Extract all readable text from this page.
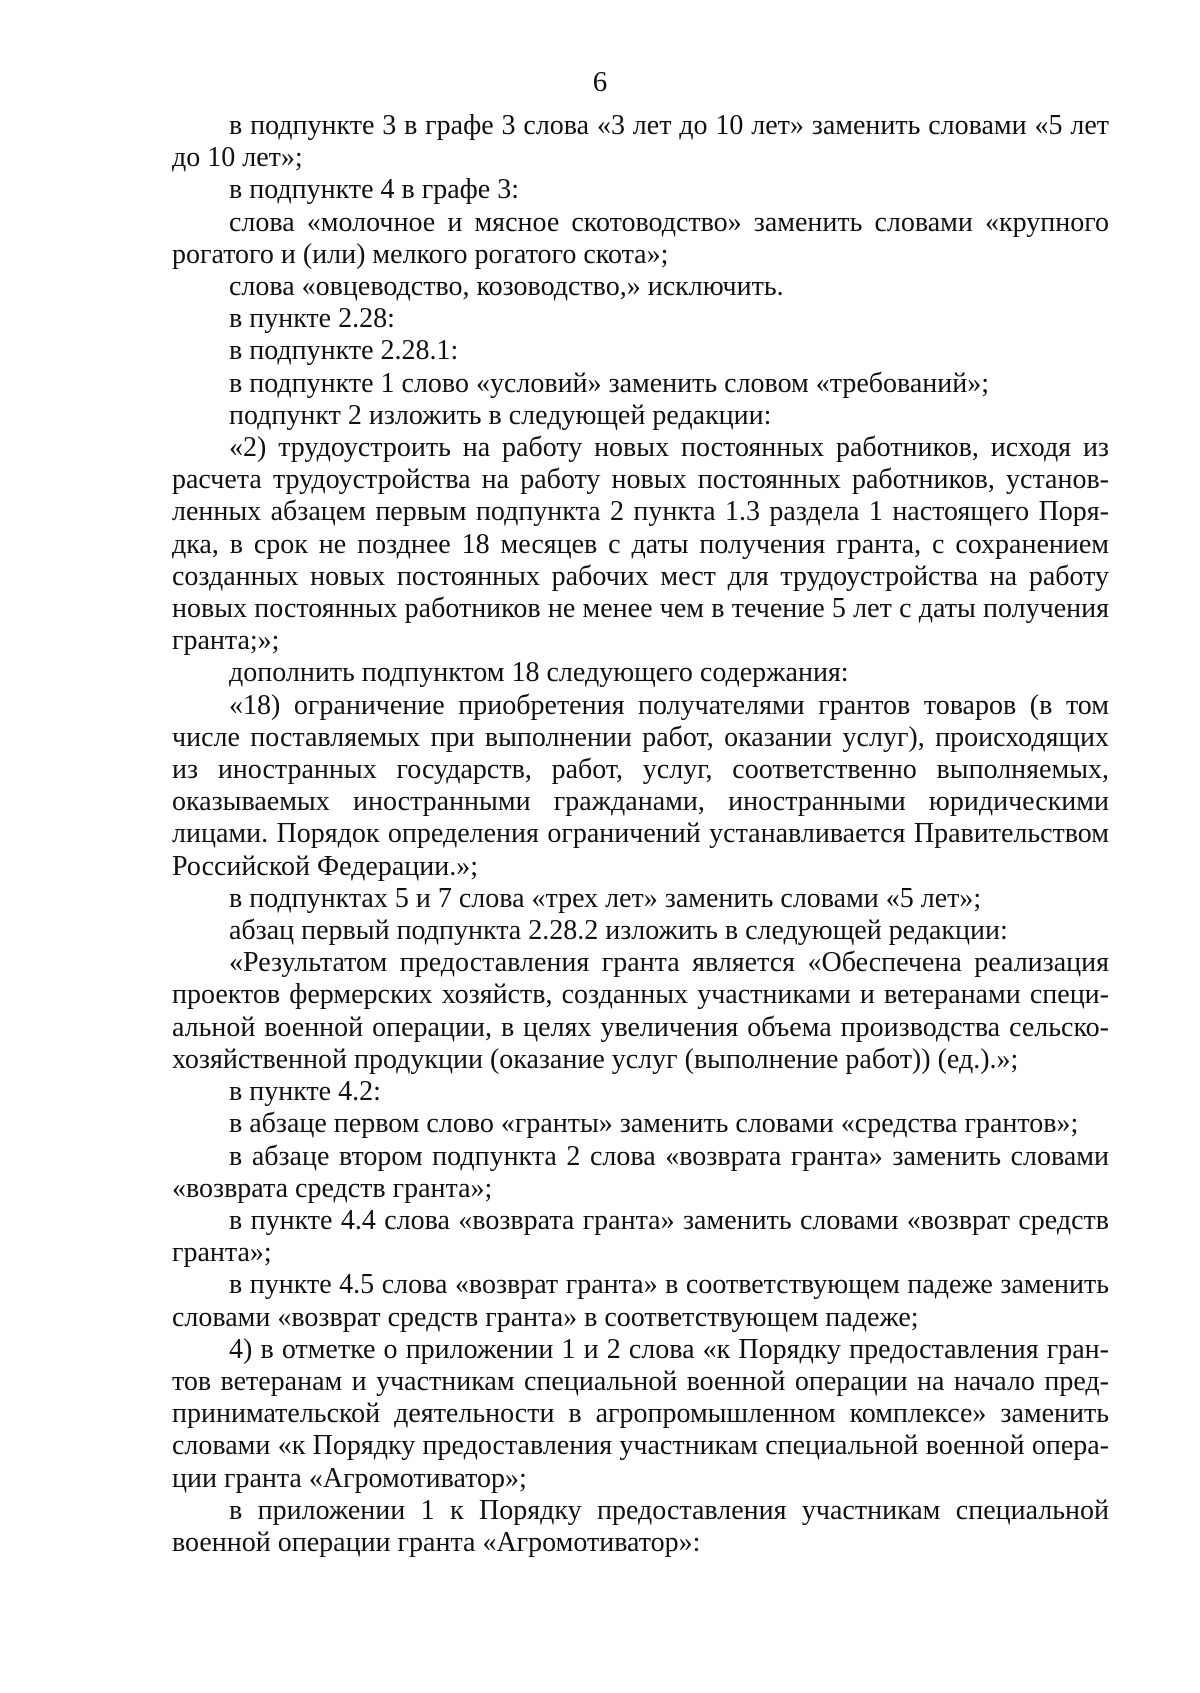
6

в подпункте 3 в графе 3 слова «3 лет до 10 лет» заменить словами «5 лет до 10 лет»;

в подпункте 4 в графе 3:

слова «молочное и мясное скотоводство» заменить словами «крупного рогатого и (или) мелкого рогатого скота»;

слова «овцеводство, козоводство,» исключить.

в пункте 2.28:

в подпункте 2.28.1:

в подпункте 1 слово «условий» заменить словом «требований»;

подпункт 2 изложить в следующей редакции:

«2) трудоустроить на работу новых постоянных работников, исходя из расчета трудоустройства на работу новых постоянных работников, установленных абзацем первым подпункта 2 пункта 1.3 раздела 1 настоящего Порядка, в срок не позднее 18 месяцев с даты получения гранта, с сохранением созданных новых постоянных рабочих мест для трудоустройства на работу новых постоянных работников не менее чем в течение 5 лет с даты получения гранта;»;

дополнить подпунктом 18 следующего содержания:

«18) ограничение приобретения получателями грантов товаров (в том числе поставляемых при выполнении работ, оказании услуг), происходящих из иностранных государств, работ, услуг, соответственно выполняемых, оказываемых иностранными гражданами, иностранными юридическими лицами. Порядок определения ограничений устанавливается Правительством Российской Федерации.»;

в подпунктах 5 и 7 слова «трех лет» заменить словами «5 лет»;

абзац первый подпункта 2.28.2 изложить в следующей редакции:

«Результатом предоставления гранта является «Обеспечена реализация проектов фермерских хозяйств, созданных участниками и ветеранами специальной военной операции, в целях увеличения объема производства сельскохозяйственной продукции (оказание услуг (выполнение работ)) (ед.).»;

в пункте 4.2:

в абзаце первом слово «гранты» заменить словами «средства грантов»;

в абзаце втором подпункта 2 слова «возврата гранта» заменить словами «возврата средств гранта»;

в пункте 4.4 слова «возврата гранта» заменить словами «возврат средств гранта»;

в пункте 4.5 слова «возврат гранта» в соответствующем падеже заменить словами «возврат средств гранта» в соответствующем падеже;

4) в отметке о приложении 1 и 2 слова «к Порядку предоставления грантов ветеранам и участникам специальной военной операции на начало предпринимательской деятельности в агропромышленном комплексе» заменить словами «к Порядку предоставления участникам специальной военной операции гранта «Агромотиватор»;

в приложении 1 к Порядку предоставления участникам специальной военной операции гранта «Агромотиватор»:
